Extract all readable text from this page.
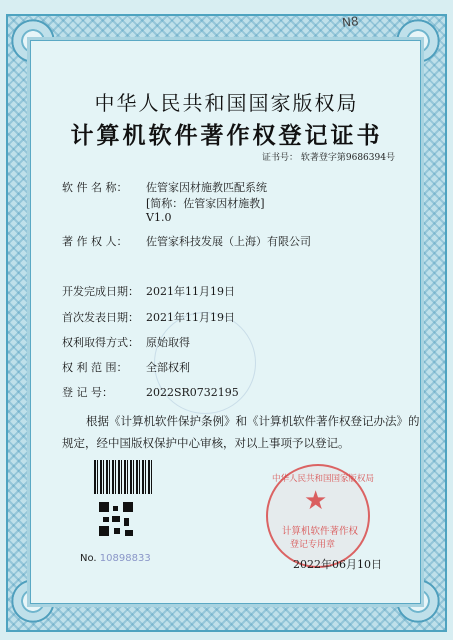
N8
中华人民共和国国家版权局
计算机软件著作权登记证书
证书号： 软著登字第9686394号
软 件 名 称： 佐管家因材施教匹配系统
[简称：佐管家因材施教]
V1.0
著 作 权 人： 佐管家科技发展（上海）有限公司
开发完成日期： 2021年11月19日
首次发表日期： 2021年11月19日
权利取得方式： 原始取得
权 利 范 围： 全部权利
登 记 号：	2022SR0732195
根据《计算机软件保护条例》和《计算机软件著作权登记办法》的
规定，经中国版权保护中心审核，对以上事项予以登记。
No. 10898833
中华人民共和国国家版权局
★
计算机软件著作权
登记专用章
2022年06月10日
